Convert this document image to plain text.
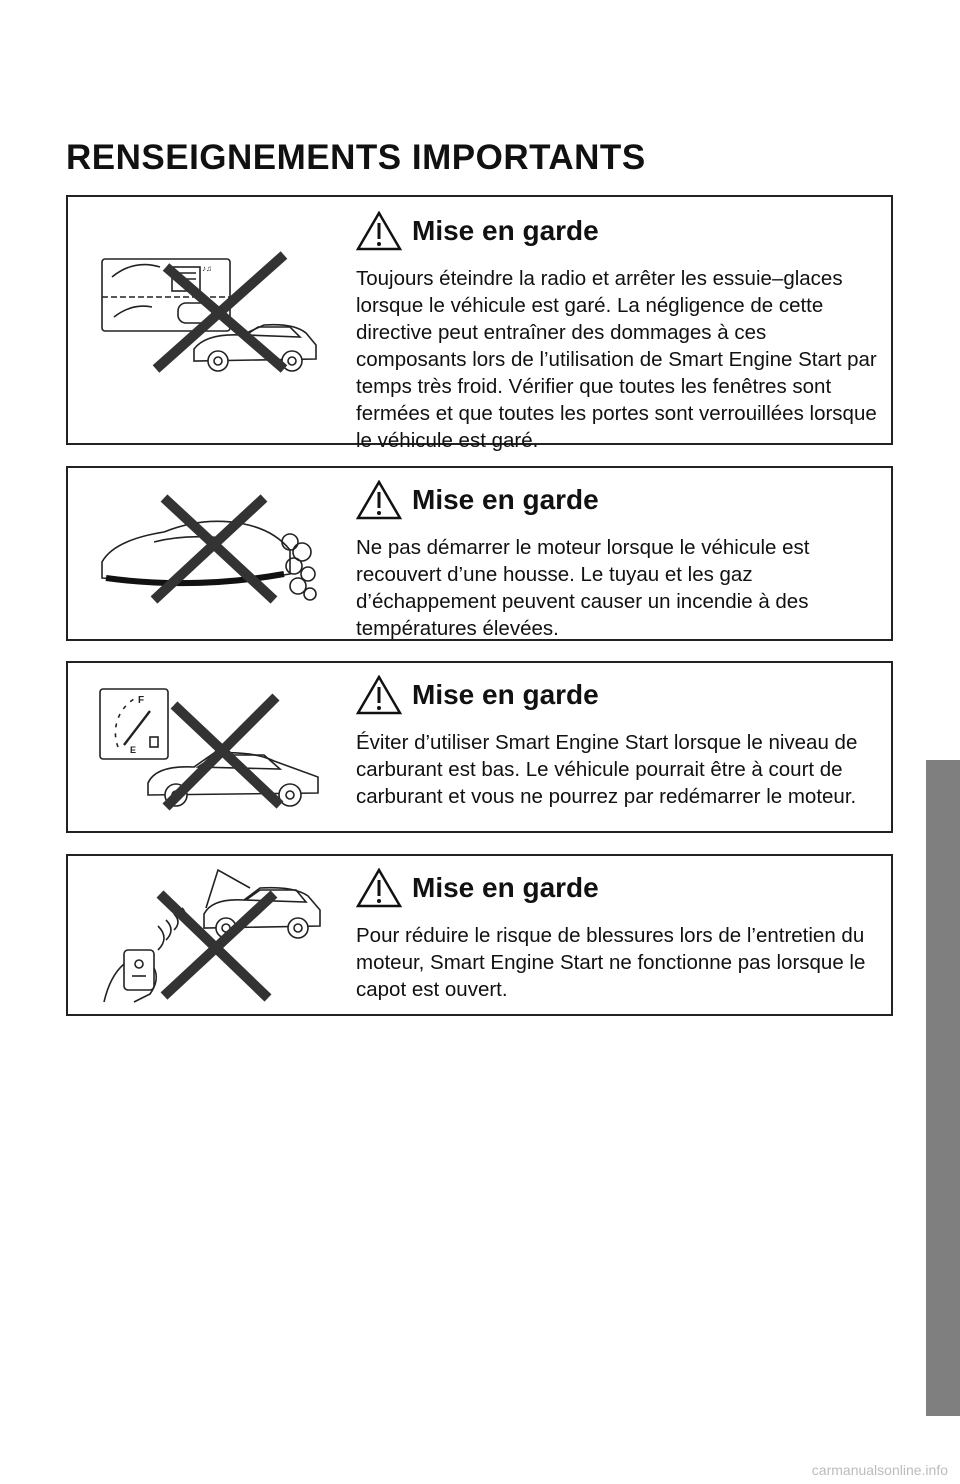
RENSEIGNEMENTS IMPORTANTS
♪♫
Mise en garde

Toujours éteindre la radio et arrêter les essuie–glaces lorsque le véhicule est garé. La négligence de cette directive peut entraîner des dommages à ces composants lors de l’utilisation de Smart Engine Start par temps très froid. Vérifier que toutes les fenêtres sont fermées et que toutes les portes sont verrouillées lorsque le véhicule est garé.

Mise en garde

Ne pas démarrer le moteur lorsque le véhicule est recouvert d’une housse. Le tuyau et les gaz d’échappement peuvent causer un incendie à des températures élevées.

F
E
Mise en garde

Éviter d’utiliser Smart Engine Start lorsque le niveau de carburant est bas. Le véhicule pourrait être à court de carburant et vous ne pourrez par redémarrer le moteur.

Mise en garde

Pour réduire le risque de blessures lors de l’entretien du moteur, Smart Engine Start ne fonctionne pas lorsque le capot est ouvert.

carmanualsonline.info
